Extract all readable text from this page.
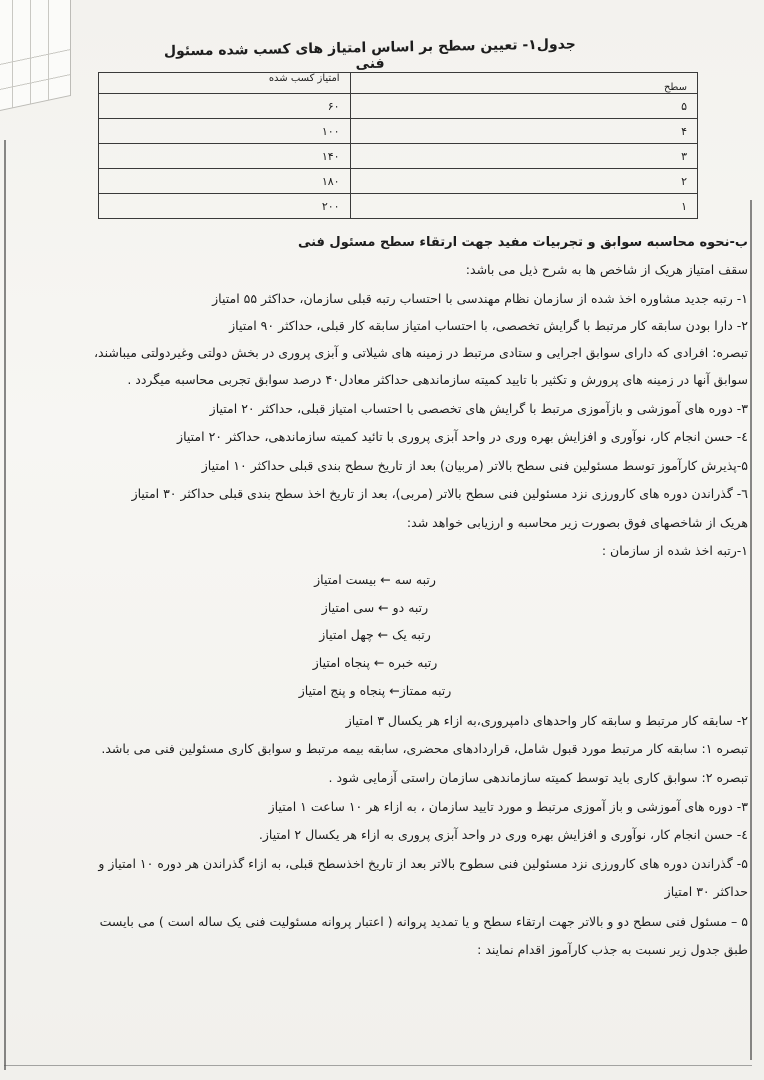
جدول۱- تعیین سطح بر اساس امتیاز های کسب شده مسئول فنی
سطح	امتیاز کسب شده
۵	۶۰
۴	۱۰۰
۳	۱۴۰
۲	۱۸۰
۱	۲۰۰
ب-نحوه محاسبه سوابق و تجربیات مفید جهت ارتقاء سطح مسئول فنی
سقف امتیاز هریک از شاخص ها به شرح ذیل می باشد:
۱- رتبه جدید مشاوره اخذ شده از سازمان نظام مهندسی با احتساب رتبه قبلی سازمان، حداکثر ۵۵ امتیاز
۲- دارا بودن سابقه کار مرتبط با گرایش تخصصی، با احتساب امتیاز سابقه کار قبلی، حداکثر ۹۰ امتیاز
تبصره: افرادی که دارای سوابق اجرایی و ستادی مرتبط در زمینه های شیلاتی و آبزی پروری در بخش دولتی وغیردولتی میباشند،
سوابق آنها در زمینه های پرورش و تکثیر با تایید کمیته سازماندهی حداکثر معادل۴۰ درصد سوابق تجربی محاسبه میگردد .
۳- دوره های آموزشی و بازآموزی مرتبط با گرایش های تخصصی با احتساب امتیاز قبلی، حداکثر ۲۰ امتیاز
٤- حسن انجام کار، نوآوری و افزایش بهره وری در واحد آبزی پروری با تائید کمیته سازماندهی، حداکثر ۲۰ امتیاز
۵-پذیرش کارآموز توسط مسئولین فنی سطح بالاتر (مربیان) بعد از تاریخ سطح بندی قبلی حداکثر ۱۰ امتیاز
٦- گذراندن دوره های کارورزی نزد مسئولین فنی سطح بالاتر (مربی)، بعد از تاریخ اخذ سطح بندی قبلی حداکثر ۳۰ امتیاز
هریک از شاخصهای فوق بصورت زیر محاسبه و ارزیابی خواهد شد:
۱-رتبه اخذ شده از سازمان :
رتبه سه ← بیست امتیاز
رتبه دو ← سی امتیاز
رتبه یک ← چهل امتیاز
رتبه خبره ← پنجاه امتیاز
رتبه ممتاز← پنجاه و پنج امتیاز
۲- سابقه کار مرتبط و سابقه کار واحدهای دامپروری،به ازاء هر یکسال ۳ امتیاز
تبصره ۱: سابقه کار مرتبط مورد قبول شامل، قراردادهای محضری، سابقه بیمه مرتبط و سوابق کاری مسئولین فنی می باشد.
تبصره ۲: سوابق کاری باید توسط کمیته سازماندهی سازمان راستی آزمایی شود .
۳- دوره های آموزشی و باز آموزی مرتبط و مورد تایید سازمان ، به ازاء هر ۱۰ ساعت ۱ امتیاز
٤- حسن انجام کار، نوآوری و افزایش بهره وری در واحد آبزی پروری به ازاء هر یکسال ۲ امتیاز.
۵- گذراندن دوره های کارورزی نزد مسئولین فنی سطوح بالاتر بعد از تاریخ اخذسطح قبلی، به ازاء گذراندن هر دوره ۱۰ امتیاز و
حداکثر ۳۰ امتیاز
۵ – مسئول فنی سطح دو و بالاتر جهت ارتقاء سطح و یا تمدید پروانه ( اعتبار پروانه مسئولیت فنی یک ساله است ) می بایست
طبق جدول زیر نسبت به جذب کارآموز اقدام نمایند :
